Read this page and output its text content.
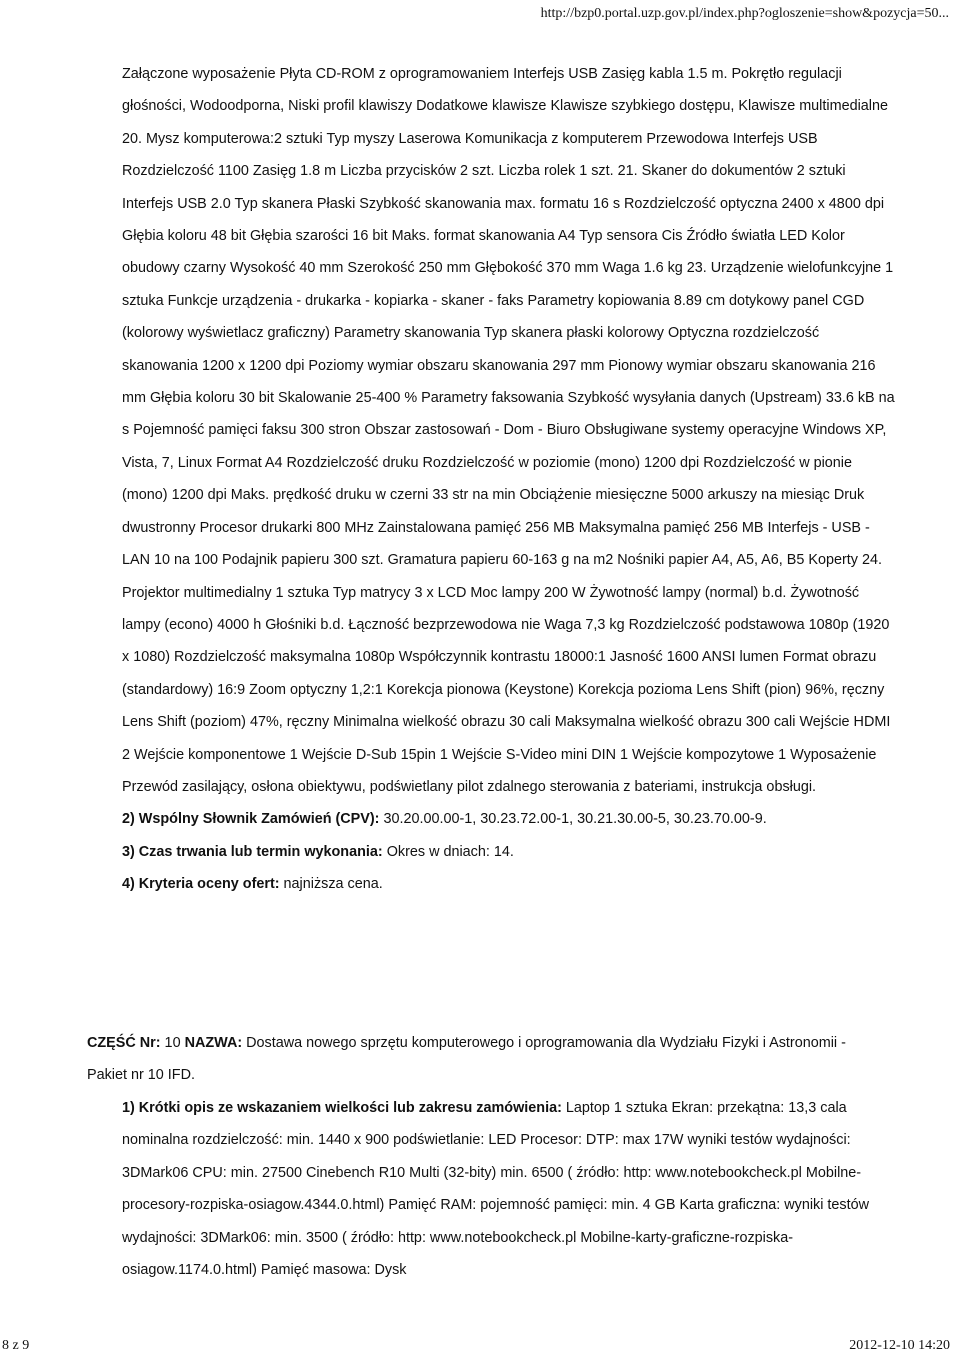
http://bzp0.portal.uzp.gov.pl/index.php?ogloszenie=show&pozycja=50...

Załączone wyposażenie Płyta CD-ROM z oprogramowaniem Interfejs USB Zasięg kabla 1.5 m. Pokrętło regulacji głośności, Wodoodporna, Niski profil klawiszy Dodatkowe klawisze Klawisze szybkiego dostępu, Klawisze multimedialne 20. Mysz komputerowa:2 sztuki Typ myszy Laserowa Komunikacja z komputerem Przewodowa Interfejs USB Rozdzielczość 1100 Zasięg 1.8 m Liczba przycisków 2 szt. Liczba rolek 1 szt. 21. Skaner do dokumentów 2 sztuki Interfejs USB 2.0 Typ skanera Płaski Szybkość skanowania max. formatu 16 s Rozdzielczość optyczna 2400 x 4800 dpi Głębia koloru 48 bit Głębia szarości 16 bit Maks. format skanowania A4 Typ sensora Cis Źródło światła LED Kolor obudowy czarny Wysokość 40 mm Szerokość 250 mm Głębokość 370 mm Waga 1.6 kg 23. Urządzenie wielofunkcyjne 1 sztuka Funkcje urządzenia - drukarka - kopiarka - skaner - faks Parametry kopiowania 8.89 cm dotykowy panel CGD (kolorowy wyświetlacz graficzny) Parametry skanowania Typ skanera płaski kolorowy Optyczna rozdzielczość skanowania 1200 x 1200 dpi Poziomy wymiar obszaru skanowania 297 mm Pionowy wymiar obszaru skanowania 216 mm Głębia koloru 30 bit Skalowanie 25-400 % Parametry faksowania Szybkość wysyłania danych (Upstream) 33.6 kB na s Pojemność pamięci faksu 300 stron Obszar zastosowań - Dom - Biuro Obsługiwane systemy operacyjne Windows XP, Vista, 7, Linux Format A4 Rozdzielczość druku Rozdzielczość w poziomie (mono) 1200 dpi Rozdzielczość w pionie (mono) 1200 dpi Maks. prędkość druku w czerni 33 str na min Obciążenie miesięczne 5000 arkuszy na miesiąc Druk dwustronny Procesor drukarki 800 MHz Zainstalowana pamięć 256 MB Maksymalna pamięć 256 MB Interfejs - USB - LAN 10 na 100 Podajnik papieru 300 szt. Gramatura papieru 60-163 g na m2 Nośniki papier A4, A5, A6, B5 Koperty 24. Projektor multimedialny 1 sztuka Typ matrycy 3 x LCD Moc lampy 200 W Żywotność lampy (normal) b.d. Żywotność lampy (econo) 4000 h Głośniki b.d. Łączność bezprzewodowa nie Waga 7,3 kg Rozdzielczość podstawowa 1080p (1920 x 1080) Rozdzielczość maksymalna 1080p Współczynnik kontrastu 18000:1 Jasność 1600 ANSI lumen Format obrazu (standardowy) 16:9 Zoom optyczny 1,2:1 Korekcja pionowa (Keystone) Korekcja pozioma Lens Shift (pion) 96%, ręczny Lens Shift (poziom) 47%, ręczny Minimalna wielkość obrazu 30 cali Maksymalna wielkość obrazu 300 cali Wejście HDMI 2 Wejście komponentowe 1 Wejście D-Sub 15pin 1 Wejście S-Video mini DIN 1 Wejście kompozytowe 1 Wyposażenie Przewód zasilający, osłona obiektywu, podświetlany pilot zdalnego sterowania z bateriami, instrukcja obsługi.

2) Wspólny Słownik Zamówień (CPV): 30.20.00.00-1, 30.23.72.00-1, 30.21.30.00-5, 30.23.70.00-9.

3) Czas trwania lub termin wykonania: Okres w dniach: 14.

4) Kryteria oceny ofert: najniższa cena.

CZĘŚĆ Nr: 10 NAZWA: Dostawa nowego sprzętu komputerowego i oprogramowania dla Wydziału Fizyki i Astronomii - Pakiet nr 10 IFD.

1) Krótki opis ze wskazaniem wielkości lub zakresu zamówienia: Laptop 1 sztuka Ekran: przekątna: 13,3 cala nominalna rozdzielczość: min. 1440 x 900 podświetlanie: LED Procesor: DTP: max 17W wyniki testów wydajności: 3DMark06 CPU: min. 27500 Cinebench R10 Multi (32-bity) min. 6500 ( źródło: http: www.notebookcheck.pl Mobilne-procesory-rozpiska-osiagow.4344.0.html) Pamięć RAM: pojemność pamięci: min. 4 GB Karta graficzna: wyniki testów wydajności: 3DMark06: min. 3500 ( źródło: http: www.notebookcheck.pl Mobilne-karty-graficzne-rozpiska-osiagow.1174.0.html) Pamięć masowa: Dysk

8 z 9	2012-12-10 14:20
